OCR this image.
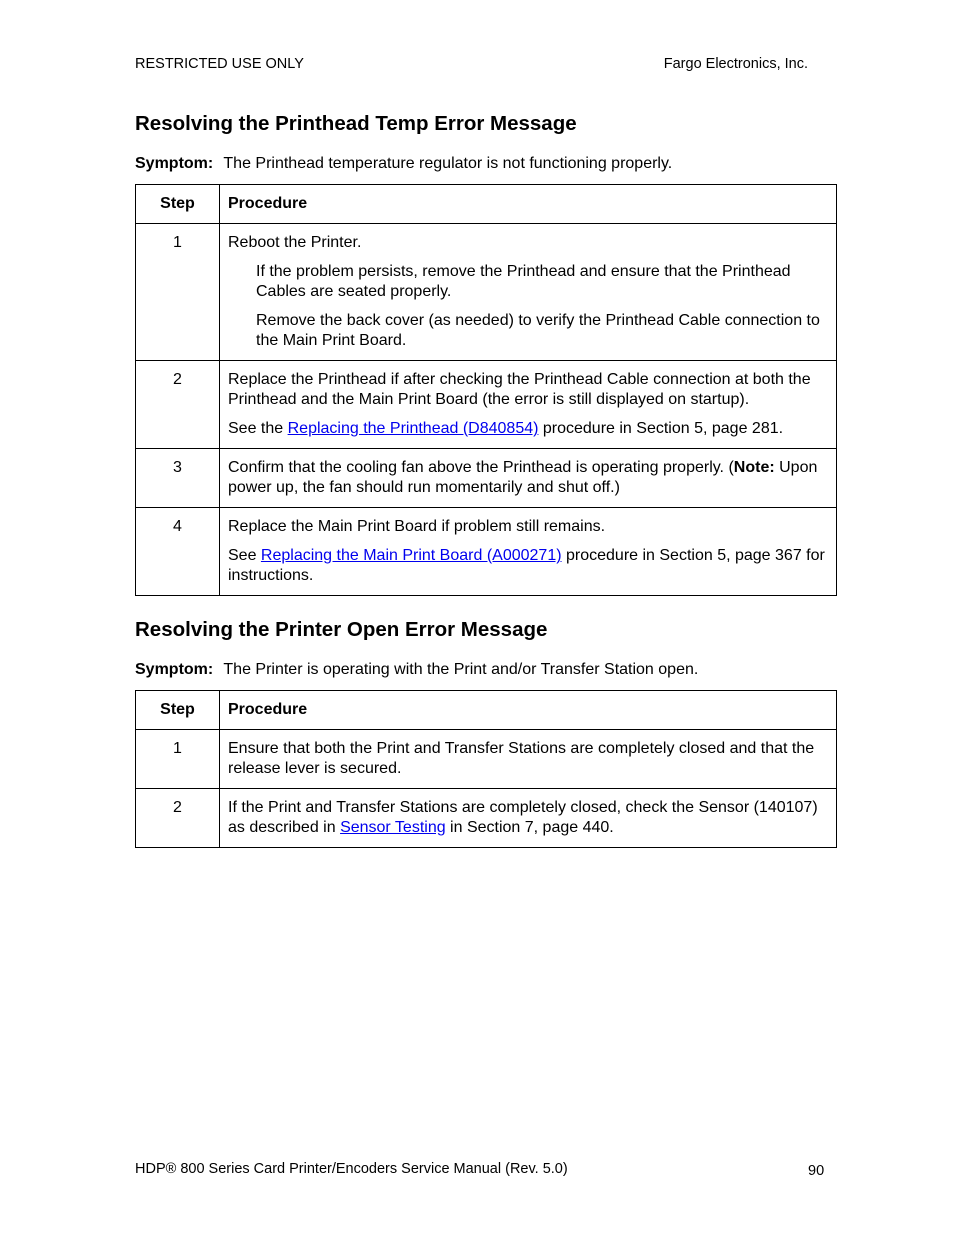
RESTRICTED USE ONLY	Fargo Electronics, Inc.
Resolving the Printhead Temp Error Message
Symptom: The Printhead temperature regulator is not functioning properly.
Step	Procedure
1	Reboot the Printer.

If the problem persists, remove the Printhead and ensure that the Printhead Cables are seated properly.

Remove the back cover (as needed) to verify the Printhead Cable connection to the Main Print Board.

2	Replace the Printhead if after checking the Printhead Cable connection at both the Printhead and the Main Print Board (the error is still displayed on startup).

See the Replacing the Printhead (D840854) procedure in Section 5, page 281.

3	Confirm that the cooling fan above the Printhead is operating properly. (Note: Upon power up, the fan should run momentarily and shut off.)

4	Replace the Main Print Board if problem still remains.

See Replacing the Main Print Board (A000271) procedure in Section 5, page 367 for instructions.

Resolving the Printer Open Error Message
Symptom: The Printer is operating with the Print and/or Transfer Station open.
Step	Procedure
1	Ensure that both the Print and Transfer Stations are completely closed and that the release lever is secured.

2	If the Print and Transfer Stations are completely closed, check the Sensor (140107) as described in Sensor Testing in Section 7, page 440.

HDP® 800 Series Card Printer/Encoders Service Manual (Rev. 5.0)	90
